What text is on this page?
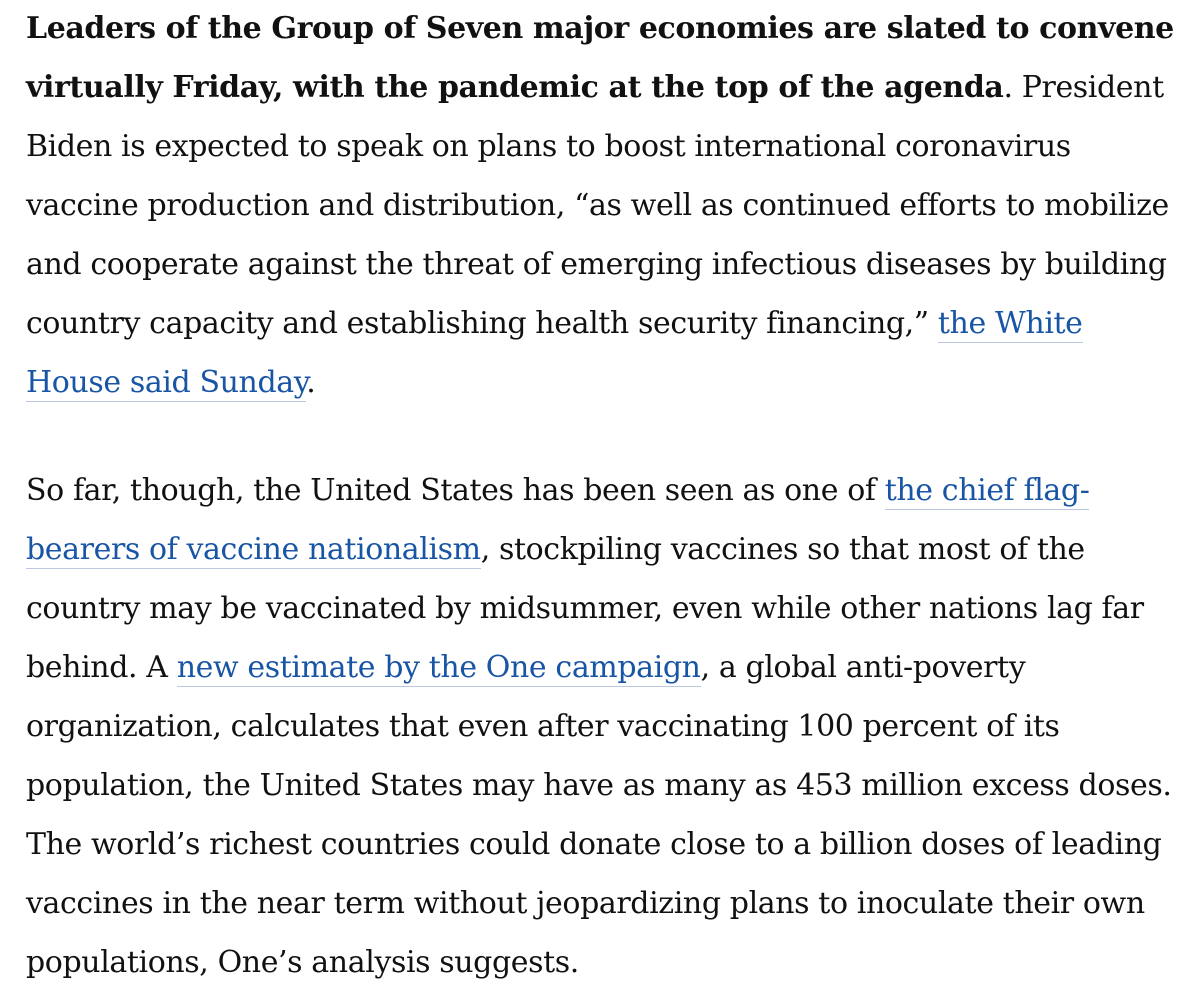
Leaders of the Group of Seven major economies are slated to convene virtually Friday, with the pandemic at the top of the agenda. President Biden is expected to speak on plans to boost international coronavirus vaccine production and distribution, “as well as continued efforts to mobilize and cooperate against the threat of emerging infectious diseases by building country capacity and establishing health security financing,” the White House said Sunday.

So far, though, the United States has been seen as one of the chief flag-bearers of vaccine nationalism, stockpiling vaccines so that most of the country may be vaccinated by midsummer, even while other nations lag far behind. A new estimate by the One campaign, a global anti-poverty organization, calculates that even after vaccinating 100 percent of its population, the United States may have as many as 453 million excess doses. The world’s richest countries could donate close to a billion doses of leading vaccines in the near term without jeopardizing plans to inoculate their own populations, One’s analysis suggests.
